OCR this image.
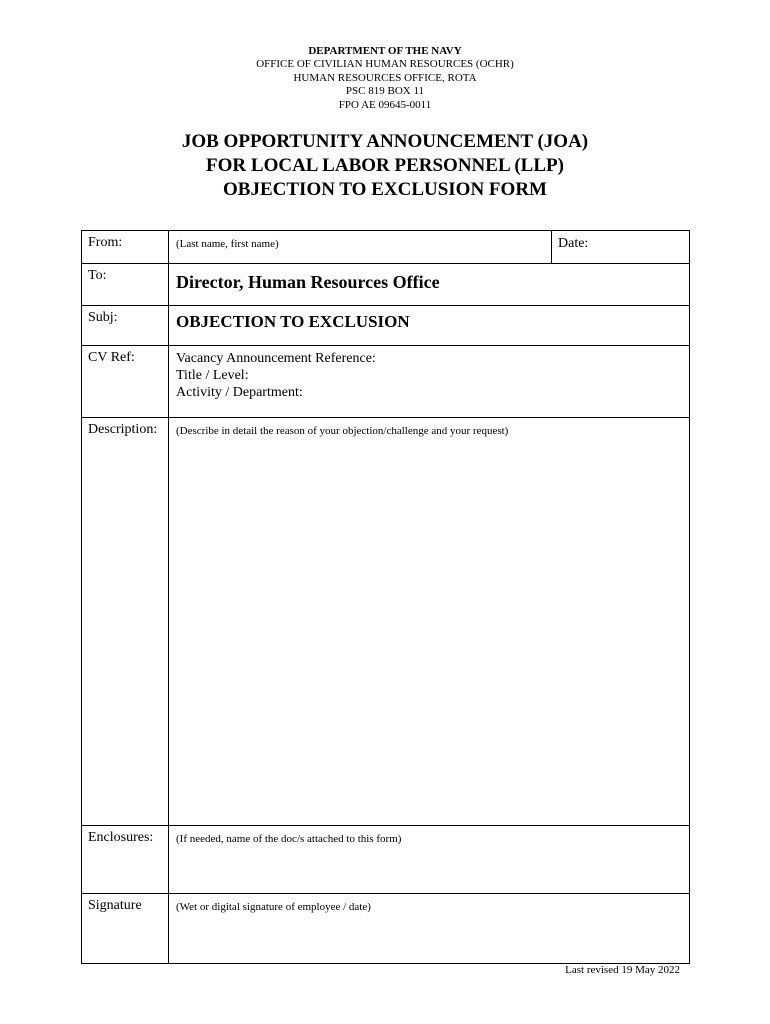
DEPARTMENT OF THE NAVY
OFFICE OF CIVILIAN HUMAN RESOURCES (OCHR)
HUMAN RESOURCES OFFICE, ROTA
PSC 819 BOX 11
FPO AE 09645-0011
JOB OPPORTUNITY ANNOUNCEMENT (JOA)
FOR LOCAL LABOR PERSONNEL (LLP)
OBJECTION TO EXCLUSION FORM
From:	(Last name, first name) Date:

To:	Director, Human Resources Office

Subj:	OBJECTION TO EXCLUSION

CV Ref:	Vacancy Announcement Reference:
Title / Level:
Activity / Department:

Description:	(Describe in detail the reason of your objection/challenge and your request)
Enclosures:	(If needed, name of the doc/s attached to this form)
Signature	(Wet or digital signature of employee / date)
Last revised 19 May 2022
